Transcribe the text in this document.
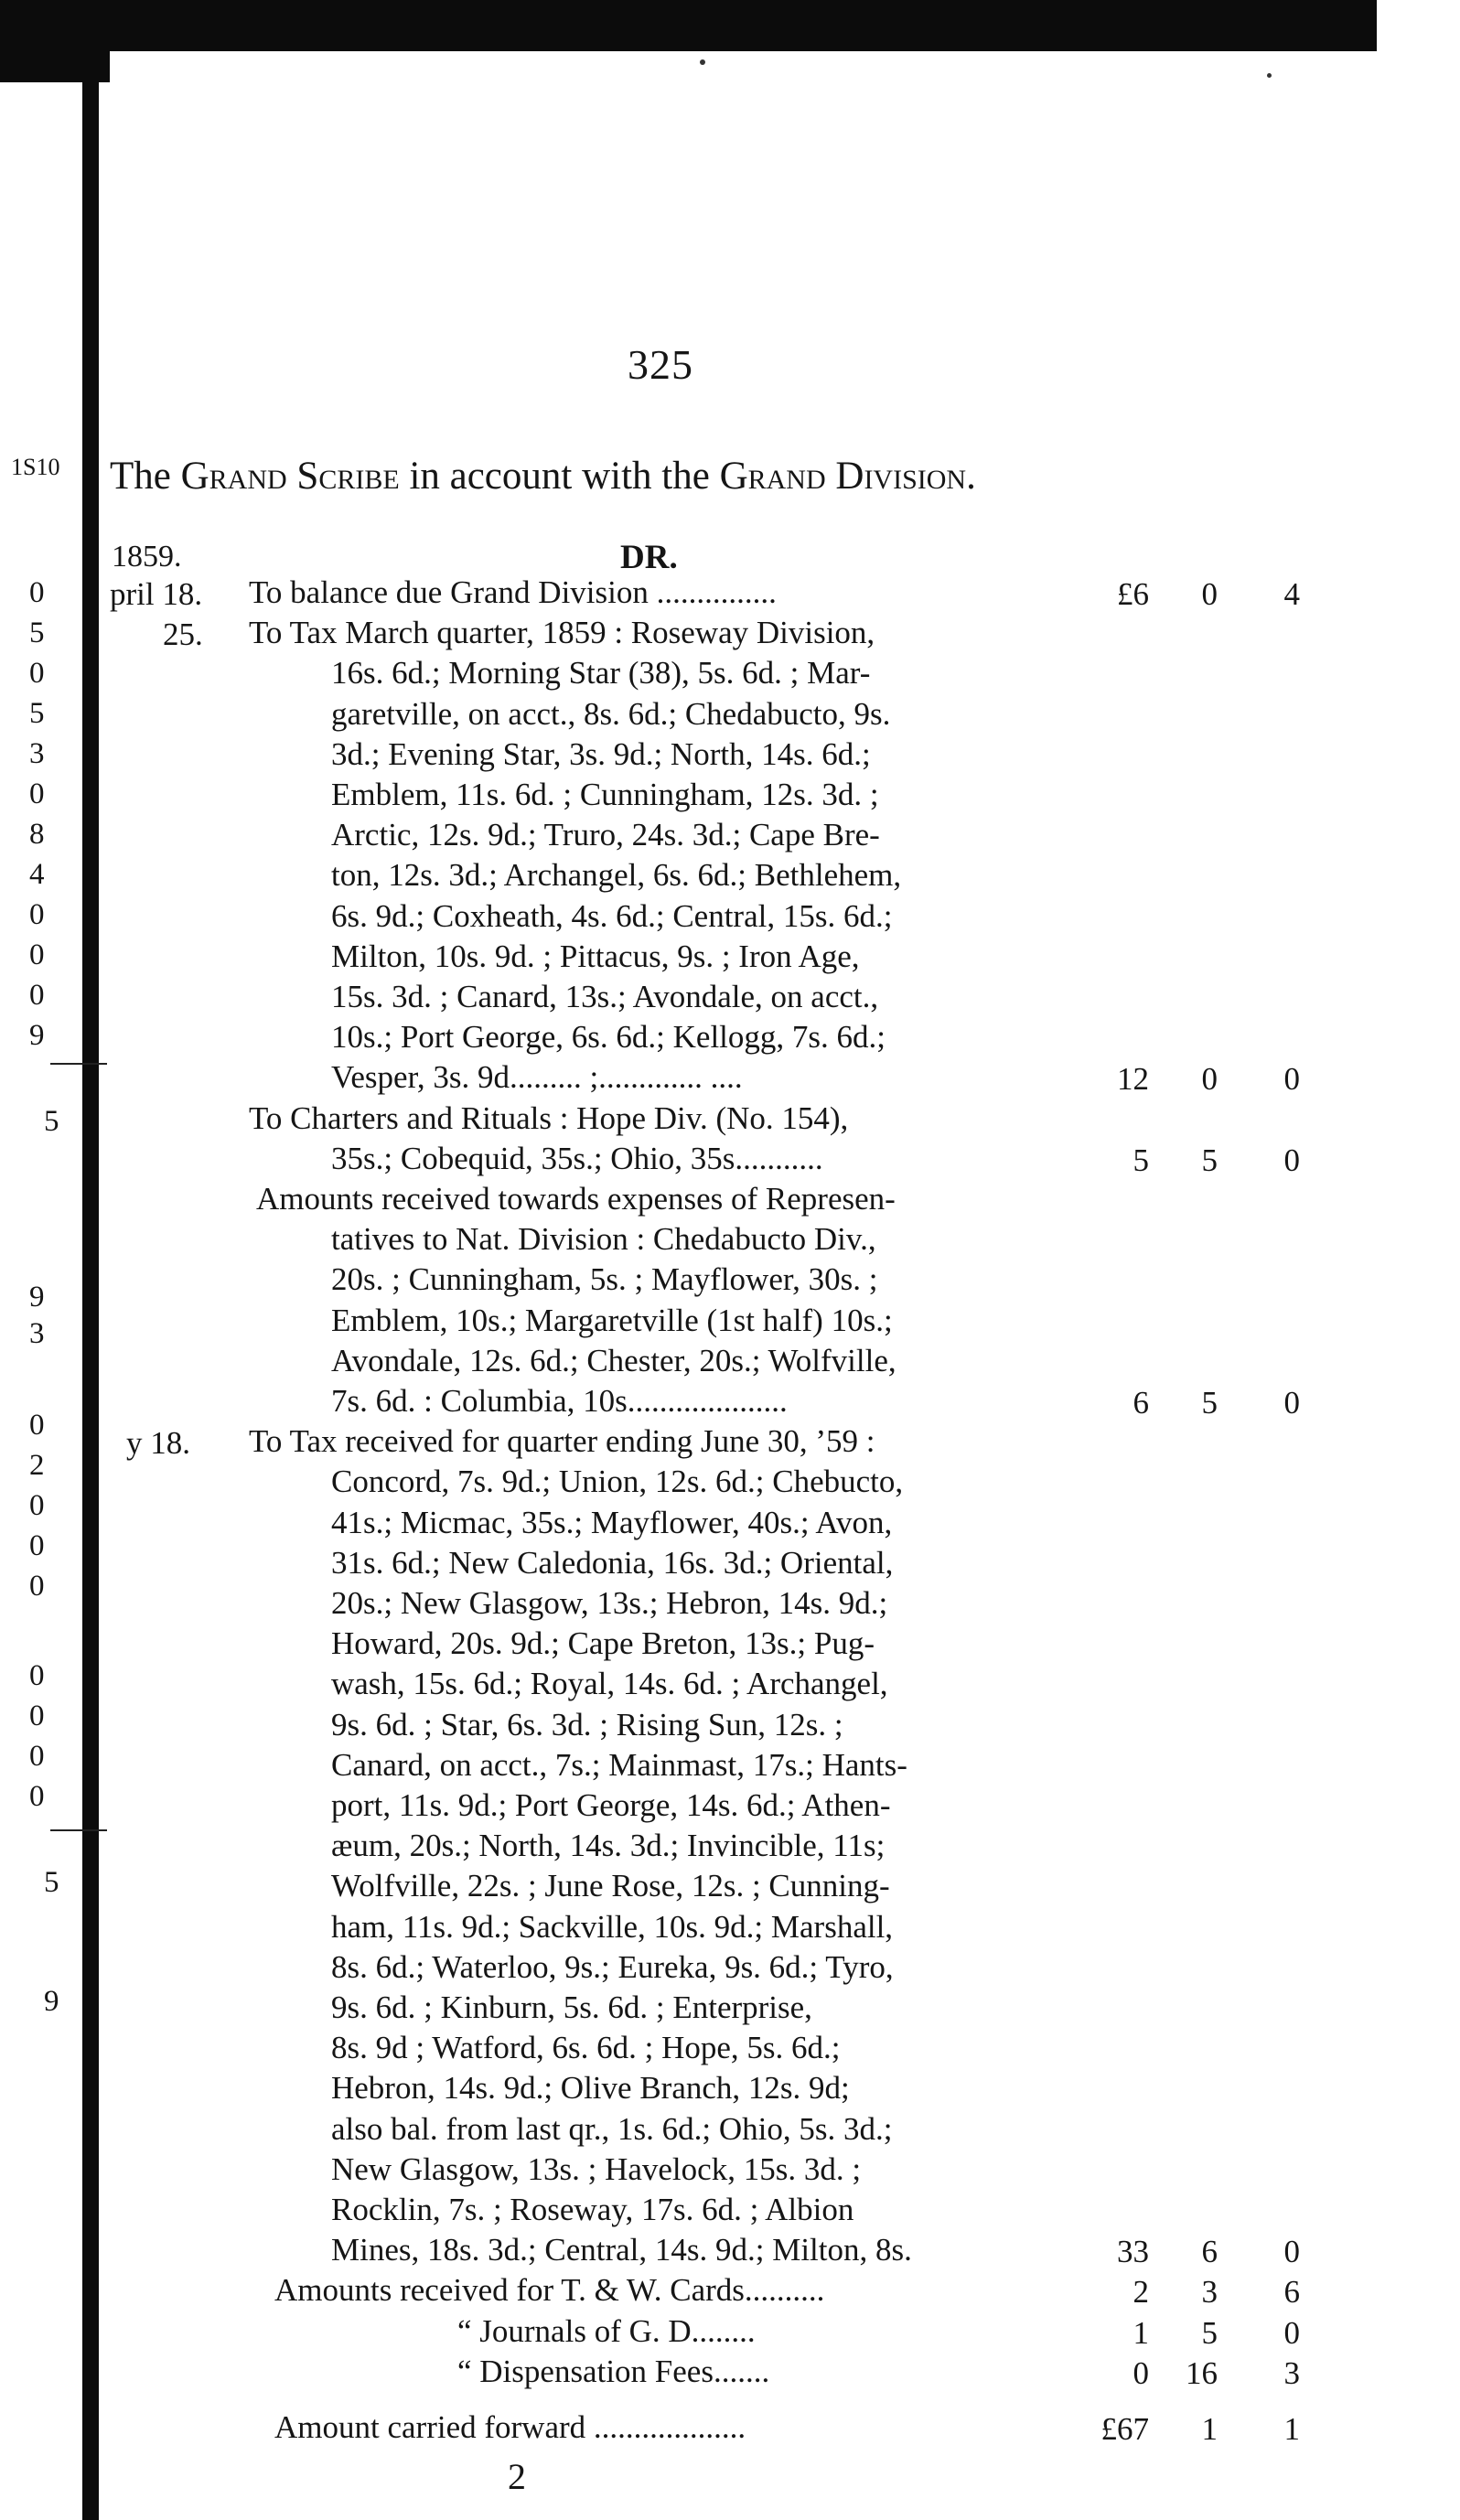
1S10
0
5
0
5
3
0
8
4
0
0
0
9
5
9
3
0
2
0
0
0
0
0
0
0
5
9
325
The Grand Scribe in account with the Grand Division.
1859.	DR.
pril 18. To balance due Grand Division ...............	£6	0	4
25. To Tax March quarter, 1859 : Roseway Division,
16s. 6d.; Morning Star (38), 5s. 6d. ; Mar-
garetville, on acct., 8s. 6d.; Chedabucto, 9s.
3d.; Evening Star, 3s. 9d.; North, 14s. 6d.;
Emblem, 11s. 6d. ; Cunningham, 12s. 3d. ;
Arctic, 12s. 9d.; Truro, 24s. 3d.; Cape Bre-
ton, 12s. 3d.; Archangel, 6s. 6d.; Bethlehem,
6s. 9d.; Coxheath, 4s. 6d.; Central, 15s. 6d.;
Milton, 10s. 9d. ; Pittacus, 9s. ; Iron Age,
15s. 3d. ; Canard, 13s.; Avondale, on acct.,
10s.; Port George, 6s. 6d.; Kellogg, 7s. 6d.;
Vesper, 3s. 9d......... ;............. ....	12	0	0
To Charters and Rituals : Hope Div. (No. 154),
35s.; Cobequid, 35s.; Ohio, 35s...........	5	5	0
Amounts received towards expenses of Represen-
tatives to Nat. Division : Chedabucto Div.,
20s. ; Cunningham, 5s. ; Mayflower, 30s. ;
Emblem, 10s.; Margaretville (1st half) 10s.;
Avondale, 12s. 6d.; Chester, 20s.; Wolfville,
7s. 6d. : Columbia, 10s....................	6	5	0
y 18. To Tax received for quarter ending June 30, ’59 :
Concord, 7s. 9d.; Union, 12s. 6d.; Chebucto,
41s.; Micmac, 35s.; Mayflower, 40s.; Avon,
31s. 6d.; New Caledonia, 16s. 3d.; Oriental,
20s.; New Glasgow, 13s.; Hebron, 14s. 9d.;
Howard, 20s. 9d.; Cape Breton, 13s.; Pug-
wash, 15s. 6d.; Royal, 14s. 6d. ; Archangel,
9s. 6d. ; Star, 6s. 3d. ; Rising Sun, 12s. ;
Canard, on acct., 7s.; Mainmast, 17s.; Hants-
port, 11s. 9d.; Port George, 14s. 6d.; Athen-
æum, 20s.; North, 14s. 3d.; Invincible, 11s;
Wolfville, 22s. ; June Rose, 12s. ; Cunning-
ham, 11s. 9d.; Sackville, 10s. 9d.; Marshall,
8s. 6d.; Waterloo, 9s.; Eureka, 9s. 6d.; Tyro,
9s. 6d. ; Kinburn, 5s. 6d. ; Enterprise,
8s. 9d ; Watford, 6s. 6d. ; Hope, 5s. 6d.;
Hebron, 14s. 9d.; Olive Branch, 12s. 9d;
also bal. from last qr., 1s. 6d.; Ohio, 5s. 3d.;
New Glasgow, 13s. ; Havelock, 15s. 3d. ;
Rocklin, 7s. ; Roseway, 17s. 6d. ; Albion
Mines, 18s. 3d.; Central, 14s. 9d.; Milton, 8s.	33	6	0
Amounts received for T. & W. Cards..........	2	3	6
“ Journals of G. D........	1	5	0
“ Dispensation Fees.......	0	16	3
Amount carried forward ...................	£67	1	1
2
